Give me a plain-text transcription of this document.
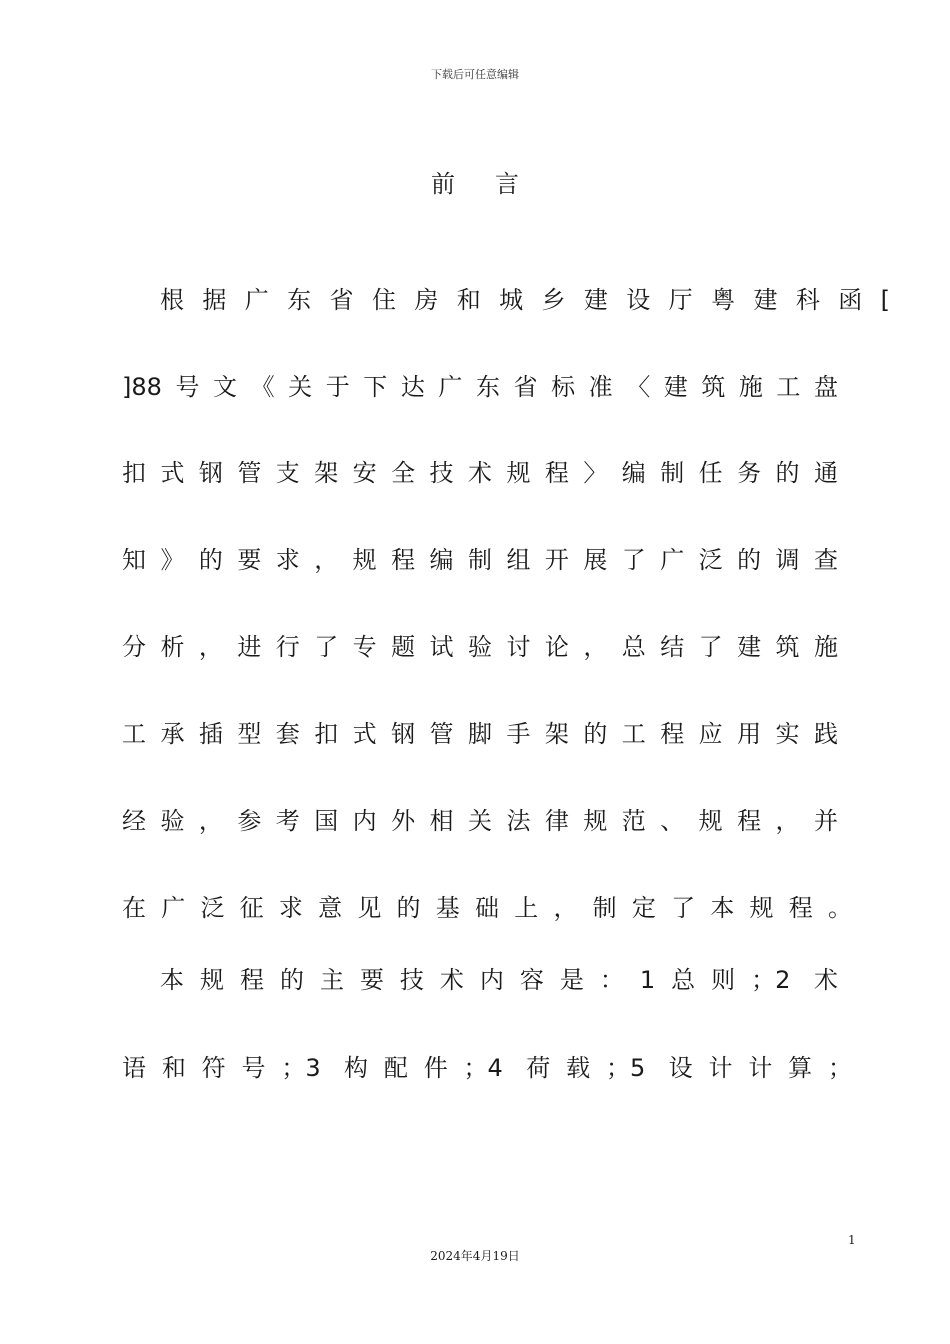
下载后可任意编辑
前言
根据广东省住房和城乡建设厅粤建科函[
]88号文《关于下达广东省标准〈建筑施工盘
扣式钢管支架安全技术规程〉编制任务的通
知》的要求，规程编制组开展了广泛的调查
分析，进行了专题试验讨论，总结了建筑施
工承插型套扣式钢管脚手架的工程应用实践
经验，参考国内外相关法律规范、规程，并
在广泛征求意见的基础上，制定了本规程。
本规程的主要技术内容是：1总则；2 术
语和符号；3 构配件；4 荷载；5 设计计算；
1
2024年4月19日
